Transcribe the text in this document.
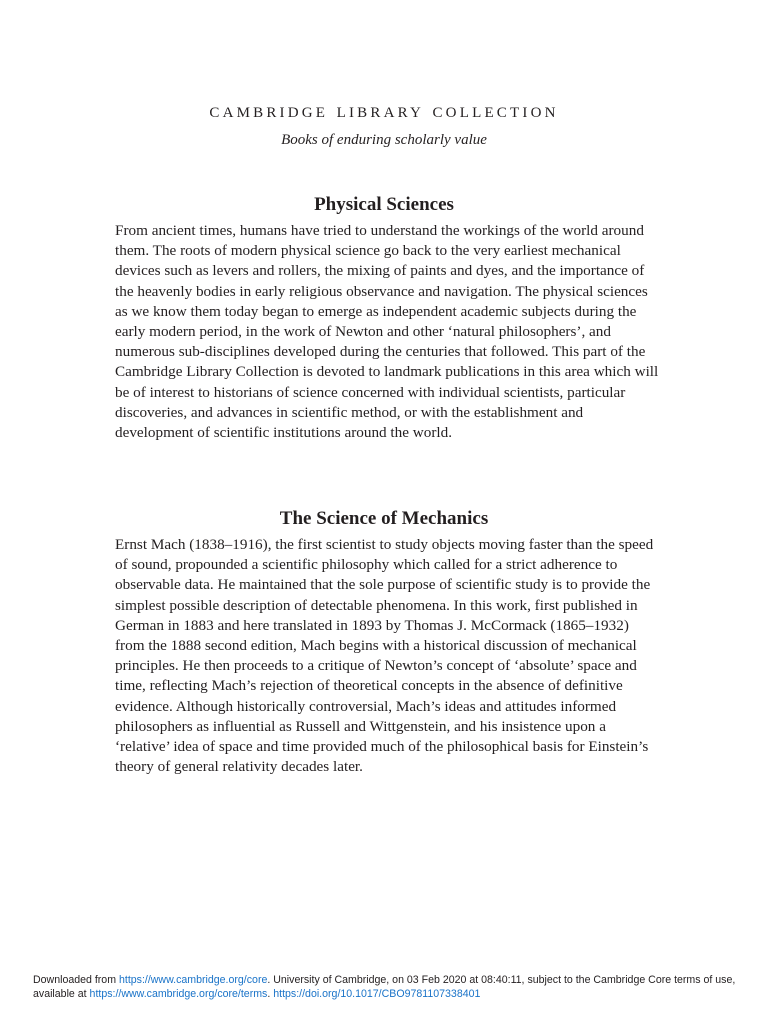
cambridge library collection

Books of enduring scholarly value

Physical Sciences

From ancient times, humans have tried to understand the workings of the world around them. The roots of modern physical science go back to the very earliest mechanical devices such as levers and rollers, the mixing of paints and dyes, and the importance of the heavenly bodies in early religious observance and navigation. The physical sciences as we know them today began to emerge as independent academic subjects during the early modern period, in the work of Newton and other ‘natural philosophers’, and numerous sub-disciplines developed during the centuries that followed. This part of the Cambridge Library Collection is devoted to landmark publications in this area which will be of interest to historians of science concerned with individual scientists, particular discoveries, and advances in scientific method, or with the establishment and development of scientific institutions around the world.

The Science of Mechanics

Ernst Mach (1838–1916), the first scientist to study objects moving faster than the speed of sound, propounded a scientific philosophy which called for a strict adherence to observable data. He maintained that the sole purpose of scientific study is to provide the simplest possible description of detectable phenomena. In this work, first published in German in 1883 and here translated in 1893 by Thomas J. McCormack (1865–1932) from the 1888 second edition, Mach begins with a historical discussion of mechanical principles. He then proceeds to a critique of Newton’s concept of ‘absolute’ space and time, reflecting Mach’s rejection of theoretical concepts in the absence of definitive evidence. Although historically controversial, Mach’s ideas and attitudes informed philosophers as influential as Russell and Wittgenstein, and his insistence upon a ‘relative’ idea of space and time provided much of the philosophical basis for Einstein’s theory of general relativity decades later.

Downloaded from https://www.cambridge.org/core. University of Cambridge, on 03 Feb 2020 at 08:40:11, subject to the Cambridge Core terms of use, available at https://www.cambridge.org/core/terms. https://doi.org/10.1017/CBO9781107338401
